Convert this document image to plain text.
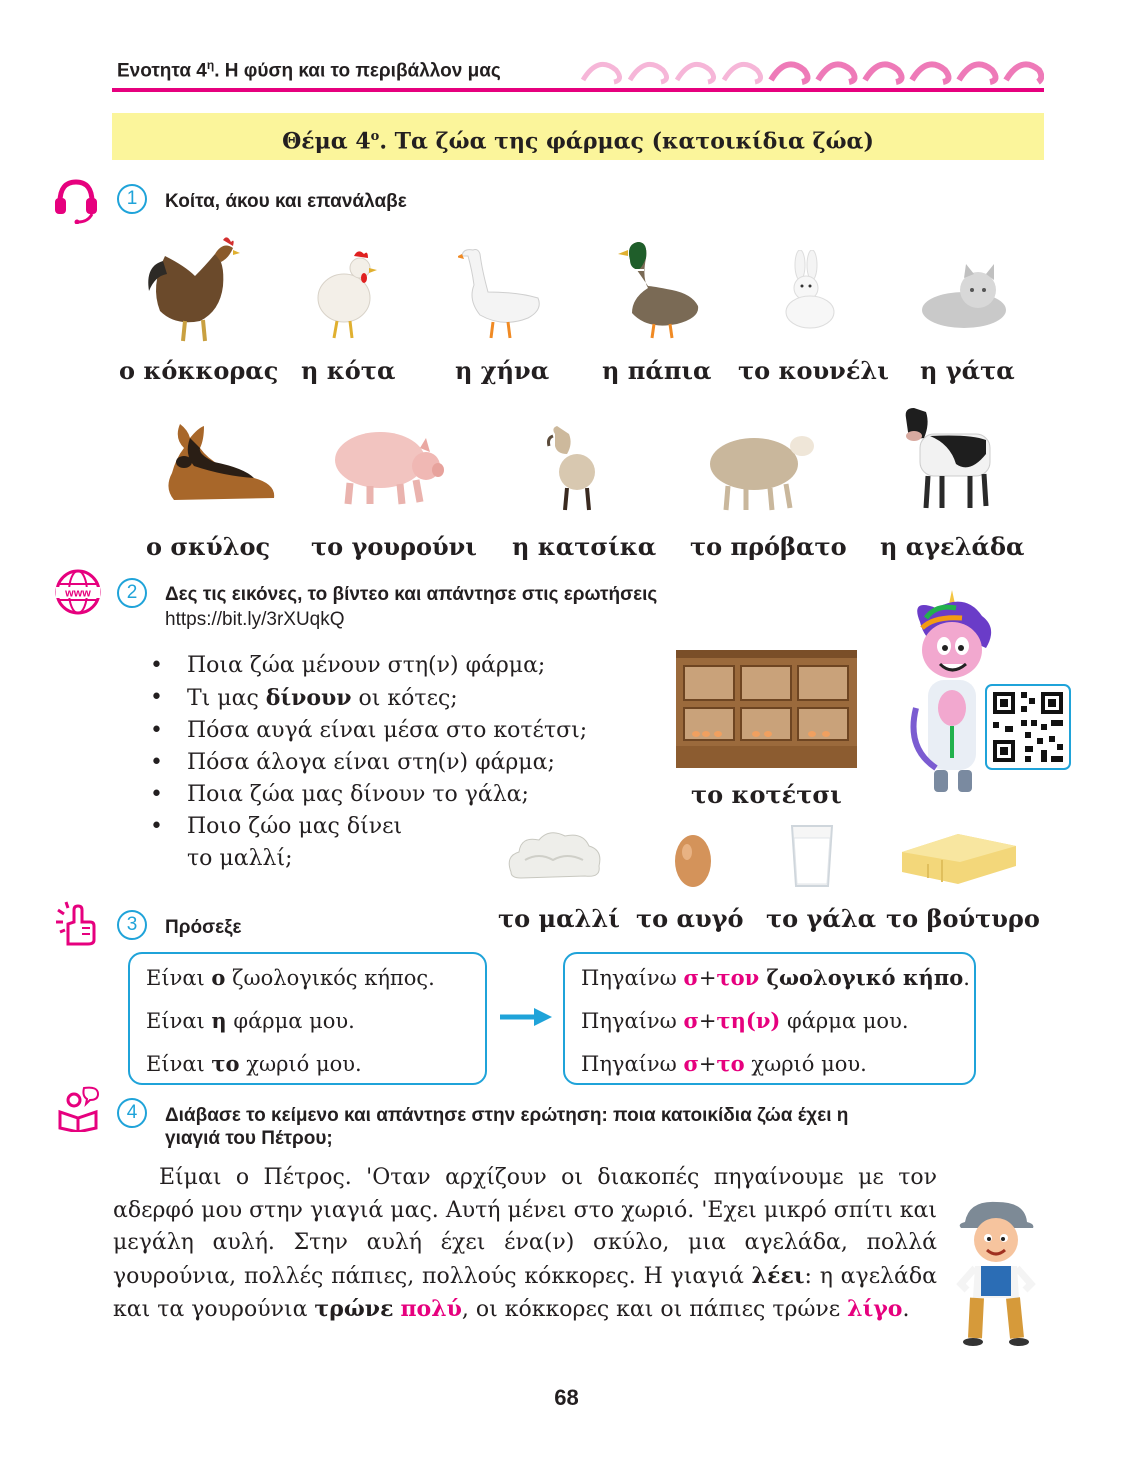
Ενοτητα $4^\eta$. Η φύση και το περιβάλλον μας
Θέμα $4^o$. Τα ζώα της φάρμας (κατοικίδια ζώα)
1	Κοίτα, άκου και επανάλαβε
ο κόκκορας η κότα η χήνα η πάπια το κουνέλι η γάτα
ο σκύλος το γουρούνι η κατσίκα το πρόβατο η αγελάδα
www	2	Δες τις εικόνες, το βίντεο και απάντησε στις ερωτήσεις
https://bit.ly/3rXUqkQ
• Ποια ζώα μένουν στη(ν) φάρμα;
• Τι μας δίνουν οι κότες;
• Πόσα αυγά είναι μέσα στο κοτέτσι;
• Πόσα άλογα είναι στη(ν) φάρμα;
• Ποια ζώα μας δίνουν το γάλα;
• Ποιο ζώο μας δίνει
το μαλλί;
το κοτέτσι
το μαλλί το αυγό το γάλα το βούτυρο
3	Πρόσεξε
Είναι ο ζωολογικός κήπος.
Είναι η φάρμα μου.
Είναι το χωριό μου.
Πηγαίνω σ+τον ζωολογικό κήπο.
Πηγαίνω σ+τη(ν) φάρμα μου.
Πηγαίνω σ+το χωριό μου.
4	Διάβασε το κείμενο και απάντησε στην ερώτηση: ποια κατοικίδια ζώα έχει η
γιαγιά του Πέτρου;
Είμαι ο Πέτρος. 'Οταν αρχίζουν οι διακοπές πηγαίνουμε με τον αδερφό μου στην γιαγιά μας. Αυτή μένει στο χωριό. 'Εχει μικρό σπίτι και μεγάλη αυλή. Στην αυλή έχει ένα(ν) σκύλο, μια αγελάδα, πολλά γουρούνια, πολλές πάπιες, πολλούς κόκκορες. Η γιαγιά λέει: η αγελάδα και τα γουρούνια τρώνε πολύ, οι κόκκορες και οι πάπιες τρώνε λίγο.
68
